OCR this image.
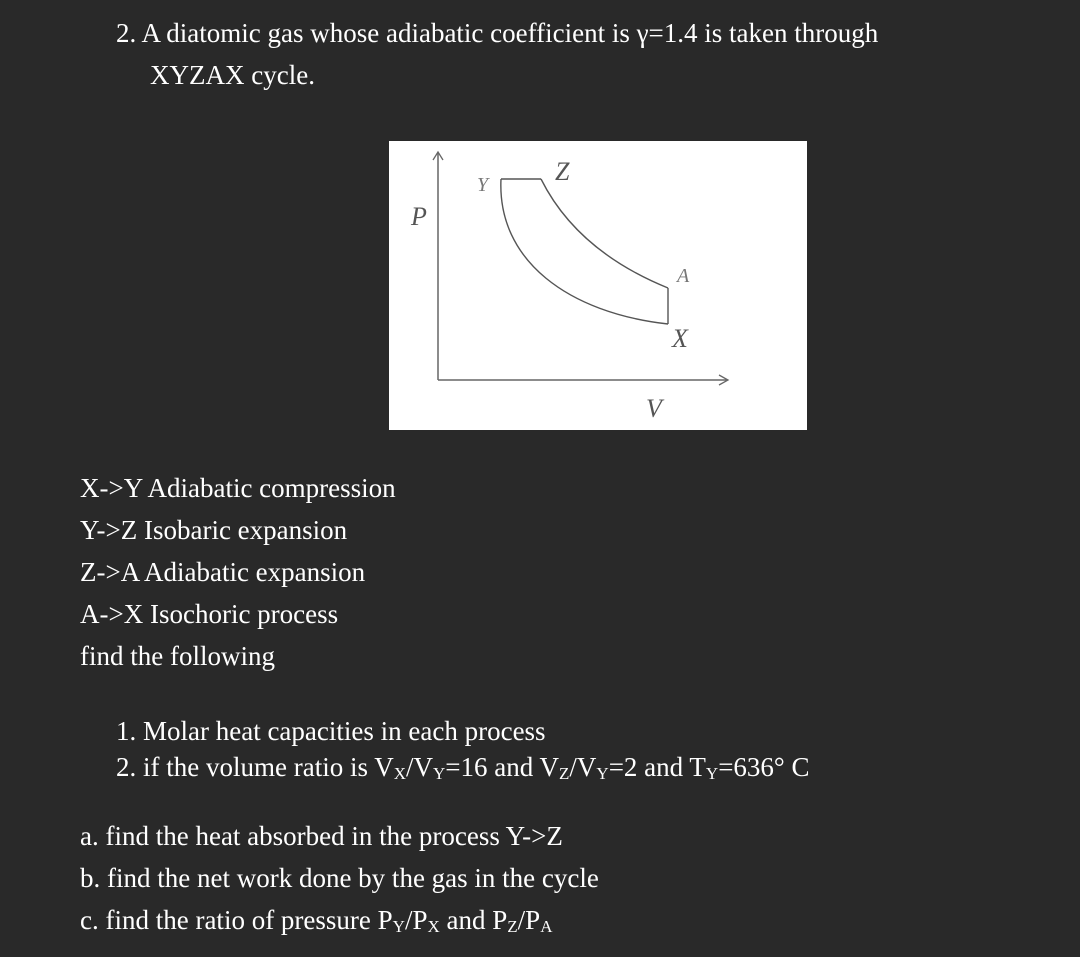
2. A diatomic gas whose adiabatic coefficient is γ=1.4 is taken through

XYZAX cycle.

P
V
Y	Z
A
X

X->Y Adiabatic compression

Y->Z Isobaric expansion

Z->A Adiabatic expansion

A->X Isochoric process

find the following

1. Molar heat capacities in each process

2. if the volume ratio is $V_X/V_Y=16$ and $V_Z/V_Y=2$ and $T_Y=636^\circ$ C

a. find the heat absorbed in the process Y->Z

b. find the net work done by the gas in the cycle

c. find the ratio of pressure $P_Y/P_X$ and $P_Z/P_A$
